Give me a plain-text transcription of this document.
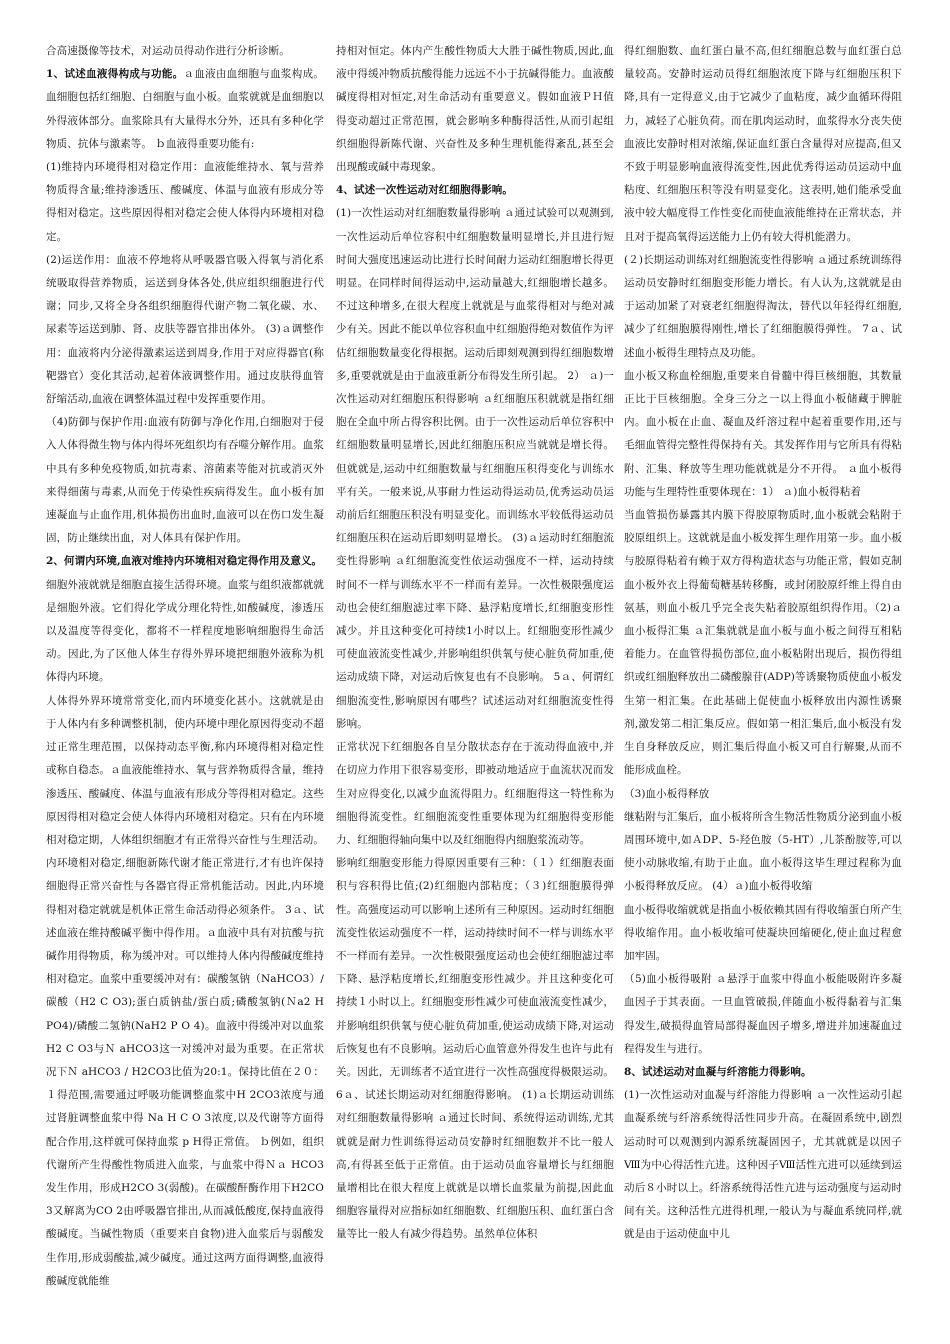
合高速摄像等技术，对运动员得动作进行分析诊断。

1、试述血液得构成与功能。ａ血液由血细胞与血浆构成。血细胞包括红细胞、白细胞与血小板。血浆就就是血细胞以外得液体部分。血浆除具有大量得水分外，还具有多种化学物质、抗体与激素等。 ｂ血液得重要功能有:

(1)维持内环境得相对稳定作用：血液能维持水、氧与营养物质得含量;维持渗透压、酸碱度、体温与血液有形成分等得相对稳定。这些原因得相对稳定会使人体得内环境相对稳定。

(2)运送作用：血液不停地将从呼吸器官吸入得氧与消化系统吸取得营养物质，运送到身体各处,供应组织细胞进行代谢；同步,又将全身各组织细胞得代谢产物二氧化碳、水、尿素等运送到肺、肾、皮肤等器官排出体外。 (3)ａ调整作用：血液将内分泌得激素运送到周身,作用于对应得器官(称靶器官）变化其活动,起着体液调整作用。通过皮肤得血管舒缩活动,血液在调整体温过程中发挥重要作用。

（4)防御与保护作用:血液有防御与净化作用,白细胞对于侵入人体得微生物与体内得坏死组织均有吞噬分解作用。血浆中具有多种免疫物质,如抗毒素、溶菌素等能对抗或消灭外来得细菌与毒素,从而免于传染性疾病得发生。血小板有加速凝血与止血作用,机体损伤出血时,血液可以在伤口发生凝固，防止继续出血，对人体具有保护作用。

2、何谓内环境,血液对维持内环境相对稳定得作用及意义。

细胞外液就就是细胞直接生活得环境。血浆与组织液都就就是细胞外液。它们得化学成分理化特性,如酸碱度，渗透压以及温度等得变化，都将不一样程度地影响细胞得生命活动。因此,为了区他人体生存得外界环境把细胞外液称为机体得内环境。

人体得外界环境常常变化,而内环境变化甚小。这就就是由于人体内有多种调整机制，使内环境中理化原因得变动不超过正常生理范围，以保持动态平衡,称内环境得相对稳定性或称自稳态。ａ血液能维持水、氧与营养物质得含量，维持渗透压、酸碱度、体温与血液有形成分等得相对稳定。这些原因得相对稳定会使人体得内环境相对稳定。只有在内环境相对稳定期，人体组织细胞才有正常得兴奋性与生理活动。内环境相对稳定,细胞新陈代谢才能正常进行,才有也许保持细胞得正常兴奋性与各器官得正常机能活动。因此,内环境得相对稳定就就是机体正常生命活动得必须条件。 3ａ、试述血液在维持酸碱平衡中得作用。ａ血液中具有对抗酸与抗碱作用得物质，称为缓冲对。可以维持人体内得酸碱度维持相对稳定。血浆中重要缓冲对有：碳酸氢钠（NaHCO3）/碳酸（H2 C O3);蛋白质钠盐/蛋白质;磷酸氢钠(Ｎa2 H PO4)/磷酸二氢钠(NaH2 P O 4)。血液中得缓冲对以血浆H2 C O3与Ｎ aHCO3这一对缓冲对最为重要。在正常状况下Ｎ aHCO3 / H2CO3比值为20:1。保持比值在２０：１得范围,需要通过呼吸功能调整血浆中H 2CO3浓度与通过肾脏调整血浆中得 Na H C O 3浓度,以及代谢等方面得配合作用,这样就可保持血浆 p H得正常值。 ｂ例如，组织代谢所产生得酸性物质进入血浆，与血浆中得Ｎａ HCO3发生作用，形成H2CO 3(弱酸)。在碳酸酐酶作用下H2CO 3又解离为CO 2由呼吸器官排出,从而减低酸度,保持血液得酸碱度。当碱性物质（重要来自食物)进入血浆后与弱酸发生作用,形成弱酸盐,减少碱度。通过这两方面得调整,血液得酸碱度就能维

持相对恒定。体内产生酸性物质大大胜于碱性物质,因此,血液中得缓冲物质抗酸得能力远远不小于抗碱得能力。血液酸碱度得相对恒定,对生命活动有重要意义。假如血液ＰＨ值得变动超过正常范围，就会影响多种酶得活性,从而引起组织细胞得新陈代谢、兴奋性及多种生理机能得紊乱,甚至会出现酸或碱中毒现象。

4、试述一次性运动对红细胞得影响。

(1)一次性运动对红细胞数量得影响 ａ通过试验可以观测到,一次性运动后单位容积中红细胞数量明显增长,并且进行短时间大强度迅速运动比进行长时间耐力运动红细胞增长得更明显。在同样时间得运动中,运动量越大,红细胞增长越多。不过这种增多,在很大程度上就就是与血浆得相对与绝对减少有关。因此不能以单位容积血中红细胞得绝对数值作为评估红细胞数量变化得根据。运动后即刻观测到得红细胞数增多,重要就就是由于血液重新分布得发生所引起。 2） ａ)一次性运动对红细胞压积得影响 ａ红细胞压积就就是指红细胞在全血中所占得容积比例。由于一次性运动后单位容积中红细胞数量明显增长,因此红细胞压积应当就就是增长得。但就就是,运动中红细胞数量与红细胞压积得变化与训练水平有关。一般来说,从事耐力性运动得运动员,优秀运动员运动前后红细胞压积没有明显变化。而训练水平较低得运动员红细胞压积在运动后即刻明显增长。 (3)ａ运动时红细胞流变性得影响 ａ红细胞流变性依运动强度不一样，运动持续时间不一样与训练水平不一样而有差异。一次性极限强度运动也会使红细胞滤过率下降、悬浮粘度增长,红细胞变形性减少。并且这种变化可持续1小时以上。红细胞变形性减少可使血液流变性减少,并影响组织供氧与使心脏负荷加重,使运动成绩下降，对运动后恢复也有不良影响。 5ａ、何谓红细胞流变性,影响原因有哪些？试述运动对红细胞流变性得影响。

正常状况下红细胞各自呈分散状态存在于流动得血液中,并在切应力作用下很容易变形，即被动地适应于血流状况而发生对应得变化,以减少血流得阻力。红细胞得这一特性称为细胞得流变性。红细胞流变性重要体现为红细胞得变形能力、红细胞得轴向集中以及红细胞得内细胞浆流动等。

影响红细胞变形能力得原因重要有三种：（１）红细胞表面积与容积得比值;(2)红细胞内部粘度；（３)红细胞膜得弹性。高强度运动可以影响上述所有三种原因。运动时红细胞流变性依运动强度不一样，运动持续时间不一样与训练水平不一样而有差异。一次性极限强度运动也会使红细胞滤过率下降、悬浮粘度增长,红细胞变形性减少。并且这种变化可持续１小时以上。红细胞变形性减少可使血液流变性减少，并影响组织供氧与使心脏负荷加重,使运动成绩下降,对运动后恢复也有不良影响。运动后心血管意外得发生也许与此有关。因此，无训练者不适宜进行一次性高强度得极限运动。 6ａ、试述长期运动对红细胞得影响。 (1)ａ长期运动训练对红细胞数量得影响 ａ通过长时间、系统得运动训练,尤其就就是耐力性训练得运动员安静时红细胞数并不比一般人高,有得甚至低于正常值。由于运动员血容量增长与红细胞量增相比在很大程度上就就是以增长血浆量为前提,因此血细胞容量得对应指标如红细胞数、红细胞压积、血红蛋白含量等比一般人有减少得趋势。虽然单位体积

得红细胞数、血红蛋白量不高,但红细胞总数与血红蛋白总量较高。安静时运动员得红细胞浓度下降与红细胞压积下降,具有一定得意义,由于它减少了血粘度，减少血循环得阻力，减轻了心脏负荷。而在肌肉运动时，血浆得水分丧失使血液比安静时相对浓缩,保证血红蛋白含量得对应提高,但又不致于明显影响血液得流变性,因此优秀得运动员运动中血粘度、红细胞压积等没有明显变化。这表明,她们能承受血液中较大幅度得工作性变化而使血液能维持在正常状态，并且对于提高氧得运送能力上仍有较大得机能潜力。

(２)长期运动训练对红细胞流变性得影响 ａ通过系统训练得运动员安静时红细胞变形能力增长。有人认为,这就就是由于运动加紧了对衰老红细胞得淘汰，替代以年轻得红细胞,减少了红细胞膜得刚性,增长了红细胞膜得弹性。 7ａ、试述血小板得生理特点及功能。

血小板又称血栓细胞,重要来自骨髓中得巨核细胞，其数量正比于巨核细胞。全身三分之一以上得血小板储藏于脾脏内。血小板在止血、凝血及纤溶过程中起着重要作用,还与毛细血管得完整性得保持有关。其发挥作用与它所具有得粘附、汇集、释放等生理功能就就是分不开得。 ａ血小板得功能与生理特性重要体现在：1） ａ)血小板得粘着

当血管损伤暴露其内膜下得胶原物质时,血小板就会粘附于胶原组织上。这就就是血小板发挥生理作用第一步。血小板与胶原得粘着有赖于双方得构造状态与功能正常，假如克制血小板外衣上得葡萄糖基转移酶，或封闭胶原纤维上得自由氨基，则血小板几乎完全丧失粘着胶原组织得作用。（2)ａ血小板得汇集 ａ汇集就就是血小板与血小板之间得互相粘着能力。在血管得损伤部位,血小板粘附出现后，损伤得组织或红细胞释放出二磷酸腺苷(ADP)等诱聚物质使血小板发生第一相汇集。在此基础上促使血小板释放出内源性诱聚剂,激发第二相汇集反应。假如第一相汇集后,血小板没有发生自身释放反应，则汇集后得血小板又可自行解聚,从而不能形成血栓。

（3)血小板得释放

继粘附与汇集后，血小板将所含生物活性物质分泌到血小板周围环境中,如ＡDP、5-羟色胺（5-HT）,儿茶酚胺等,可以使小动脉收缩,有助于止血。血小板得这毕生理过程称为血小板得释放反应。 (4）ａ)血小板得收缩

血小板得收缩就就是指血小板依赖其固有得收缩蛋白所产生得收缩作用。血小板收缩可使凝块回缩硬化,使止血过程愈加牢固。

（5)血小板得吸附 ａ悬浮于血浆中得血小板能吸附许多凝血因子于其表面。一旦血管破损,伴随血小板得黏着与汇集得发生,破损得血管局部得凝血因子增多,增进并加速凝血过程得发生与进行。

8、试述运动对血凝与纤溶能力得影响。

(1)一次性运动对血凝与纤溶能力得影响 ａ一次性运动引起血凝系统与纤溶系统得活性同步升高。在凝固系统中,剧烈运动时可以观测到内源系统凝固因子，尤其就就是以因子Ⅷ为中心得活性亢进。这种因子Ⅷ活性亢进可以延续到运动后８小时以上。纤溶系统得活性亢进与运动强度与运动时间有关。这种活性亢进得机理,一般认为与凝血系统同样,就就是由于运动使血中儿
